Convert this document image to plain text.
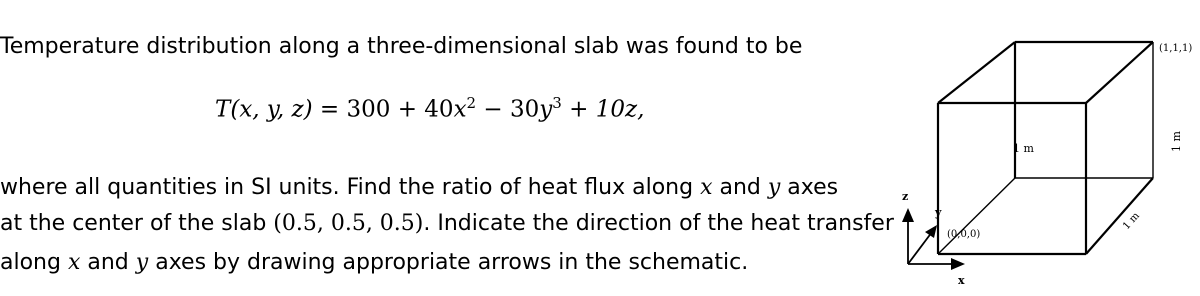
Temperature distribution along a three-dimensional slab was found to be
T(x, y, $z) = 300 + 40x^2 - 30y^3 + 10z$,
where all quantities in SI units. Find the ratio of heat flux along x and y axes
at the center of the slab (0.5, 0.5, 0.5). Indicate the direction of the heat transfer
along x and y axes by drawing appropriate arrows in the schematic.
(1,1,1)
1 m	1 m
1 m
(0,0,0)
z
y
x
